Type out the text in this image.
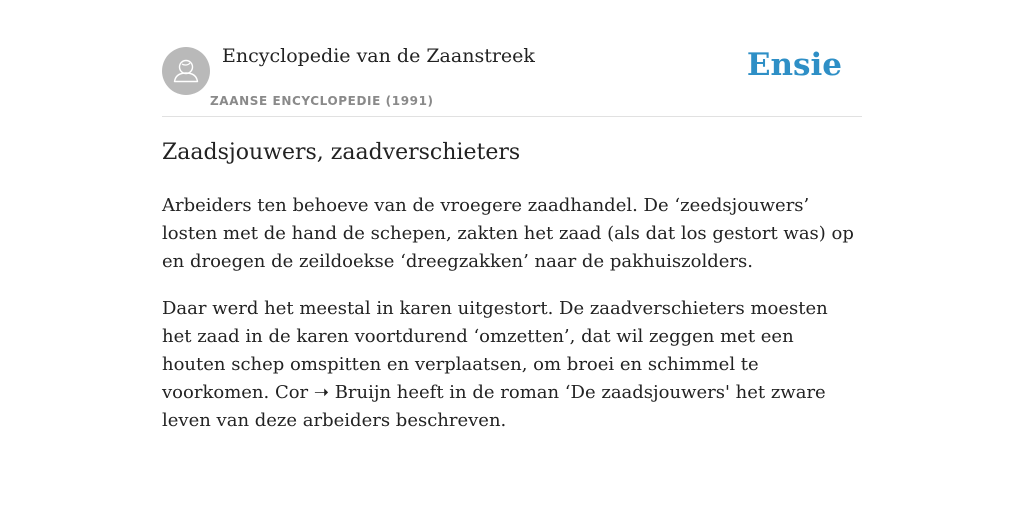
Encyclopedie van de Zaanstreek
ZAANSE ENCYCLOPEDIE (1991)
Ensie
Zaadsjouwers, zaadverschieters

Arbeiders ten behoeve van de vroegere zaadhandel. De ‘zeedsjouwers’ losten met de hand de schepen, zakten het zaad (als dat los gestort was) op en droegen de zeildoekse ‘dreegzakken’ naar de pakhuiszolders.

Daar werd het meestal in karen uitgestort. De zaadverschieters moesten het zaad in de karen voortdurend ‘omzetten’, dat wil zeggen met een houten schep omspitten en verplaatsen, om broei en schimmel te voorkomen. Cor ➝ Bruijn heeft in de roman ‘De zaadsjouwers' het zware leven van deze arbeiders beschreven.
